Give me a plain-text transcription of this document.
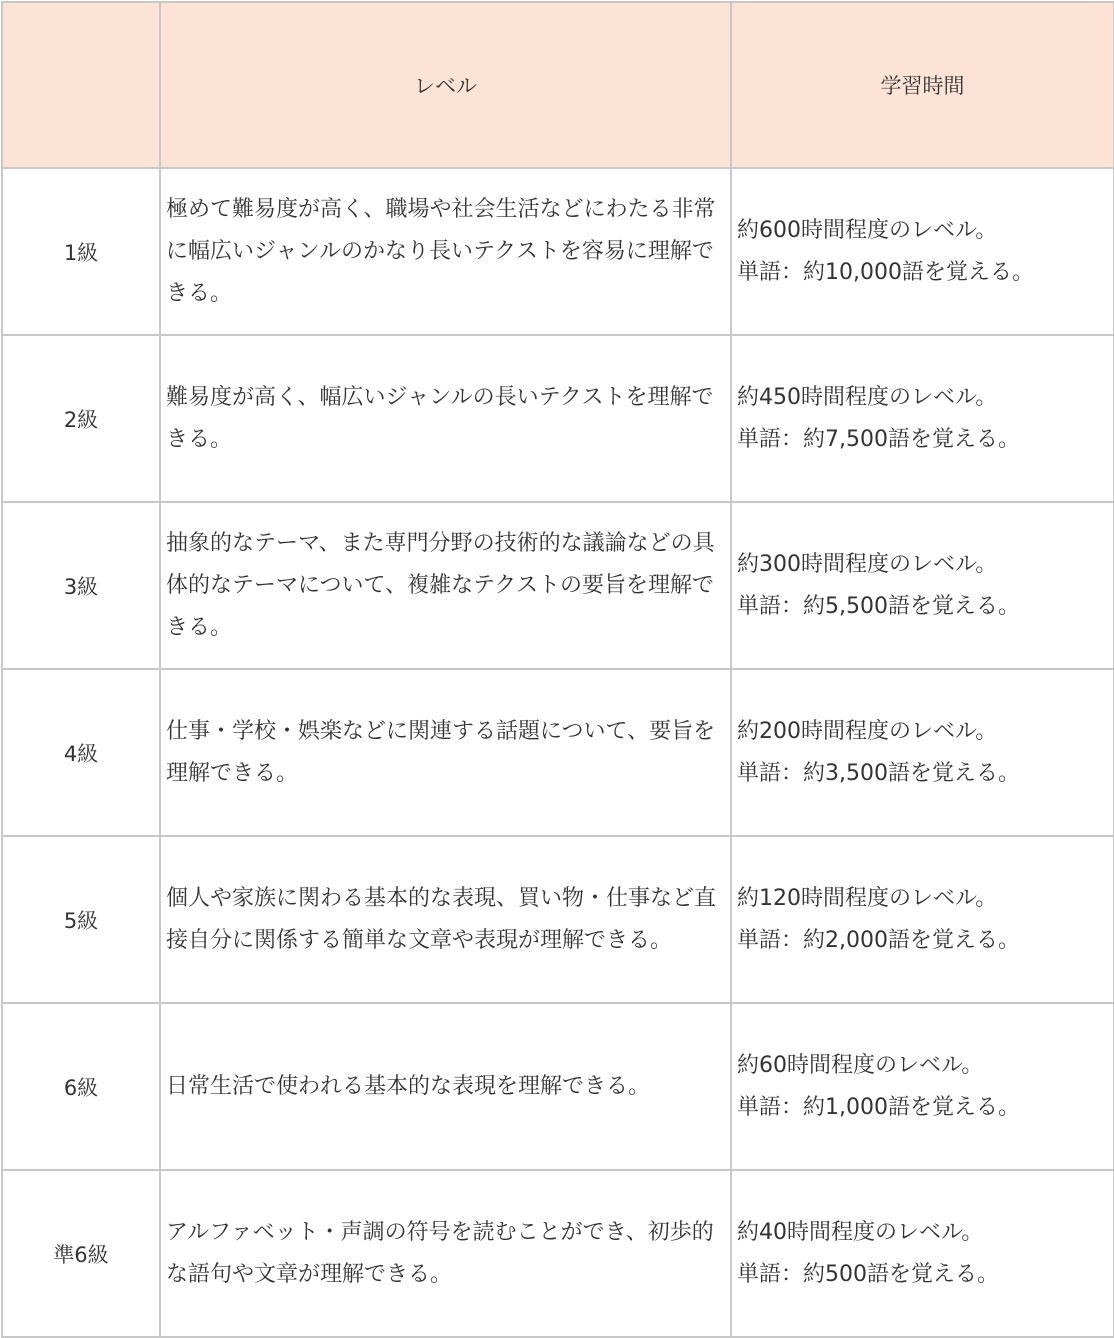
	レベル	学習時間
1級	極めて難易度が高く、職場や社会生活などにわたる非常に幅広いジャンルのかなり長いテクストを容易に理解できる。	約600時間程度のレベル。
単語：約10,000語を覚える。

2級	難易度が高く、幅広いジャンルの長いテクストを理解できる。	約450時間程度のレベル。
単語：約7,500語を覚える。

3級	抽象的なテーマ、また専門分野の技術的な議論などの具体的なテーマについて、複雑なテクストの要旨を理解できる。	約300時間程度のレベル。
単語：約5,500語を覚える。

4級	仕事・学校・娯楽などに関連する話題について、要旨を理解できる。	約200時間程度のレベル。
単語：約3,500語を覚える。

5級	個人や家族に関わる基本的な表現、買い物・仕事など直接自分に関係する簡単な文章や表現が理解できる。	約120時間程度のレベル。
単語：約2,000語を覚える。

6級	日常生活で使われる基本的な表現を理解できる。	約60時間程度のレベル。
単語：約1,000語を覚える。

準6級	アルファベット・声調の符号を読むことができ、初歩的な語句や文章が理解できる。	約40時間程度のレベル。
単語：約500語を覚える。
